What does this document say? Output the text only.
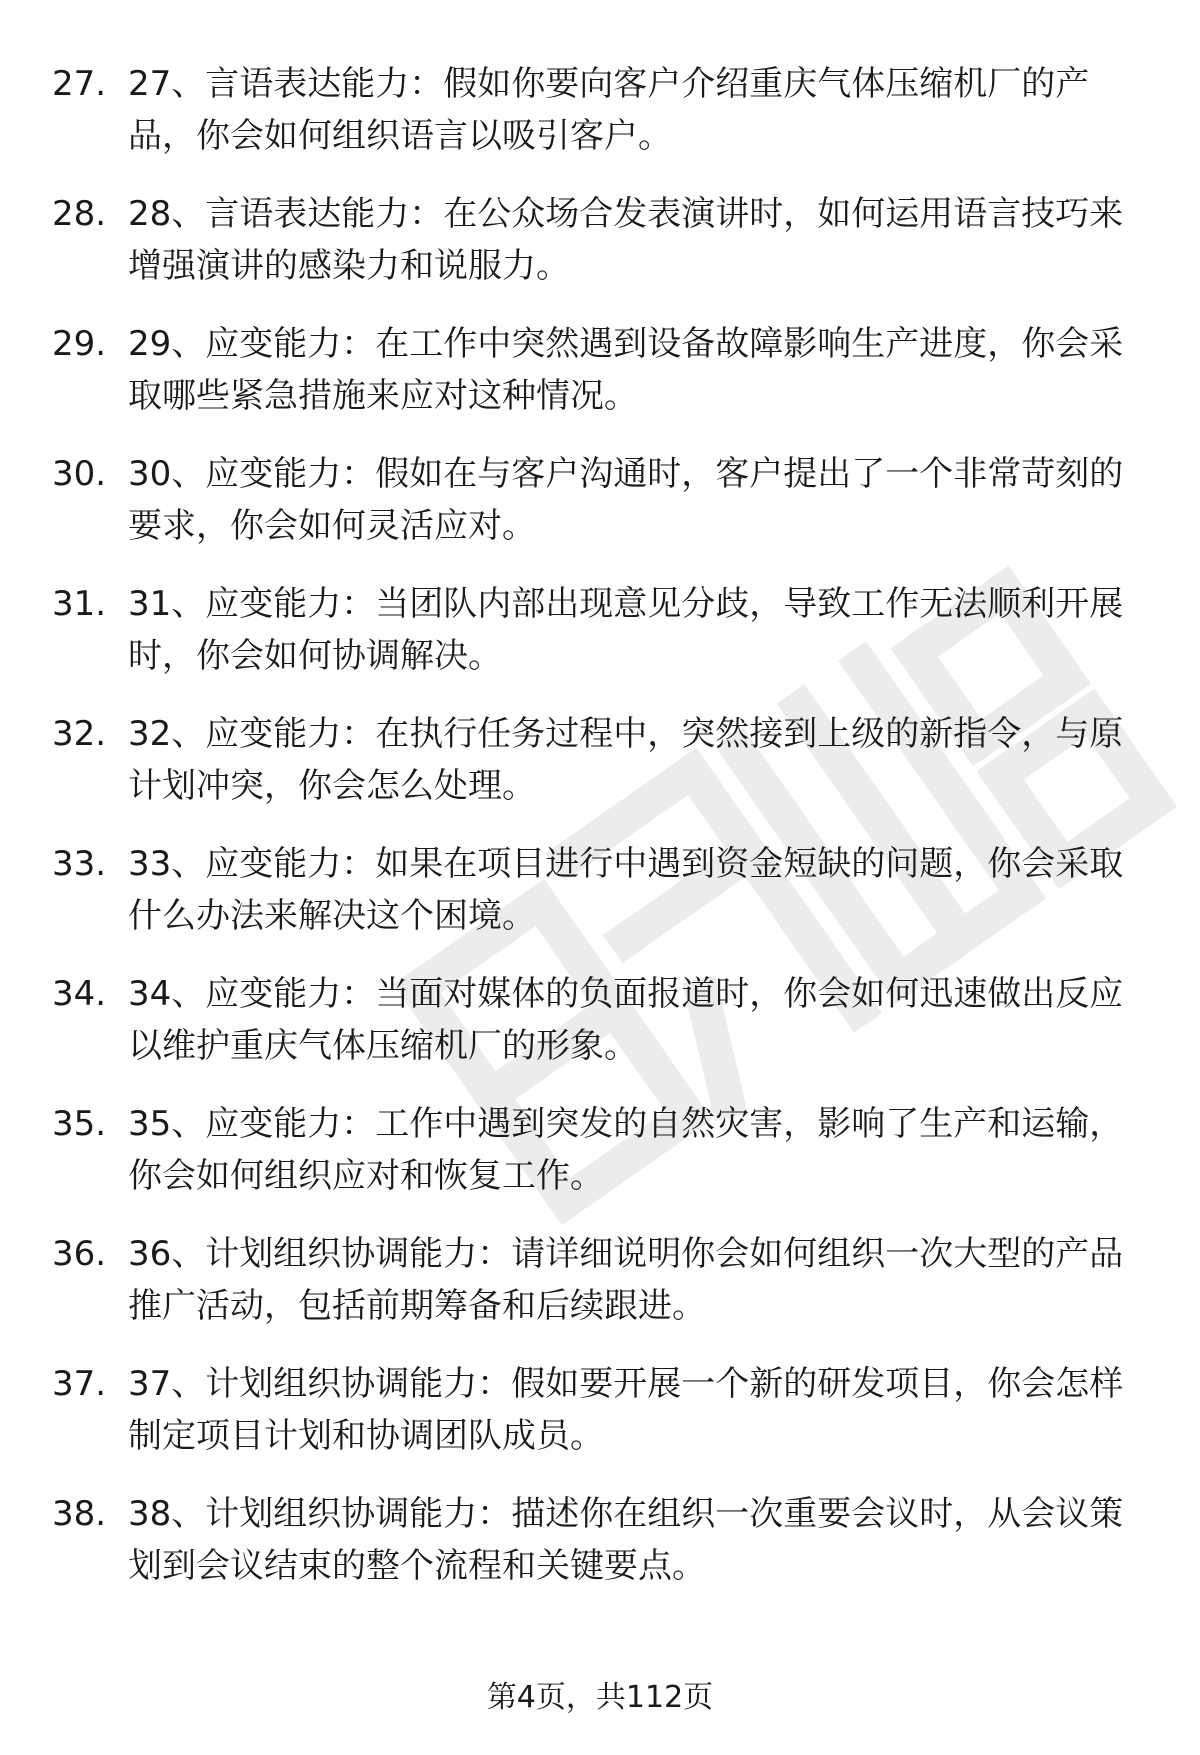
27. 27、言语表达能力：假如你要向客户介绍重庆气体压缩机厂的产品，你会如何组织语言以吸引客户。
28. 28、言语表达能力：在公众场合发表演讲时，如何运用语言技巧来增强演讲的感染力和说服力。
29. 29、应变能力：在工作中突然遇到设备故障影响生产进度，你会采取哪些紧急措施来应对这种情况。
30. 30、应变能力：假如在与客户沟通时，客户提出了一个非常苛刻的要求，你会如何灵活应对。
31. 31、应变能力：当团队内部出现意见分歧，导致工作无法顺利开展时，你会如何协调解决。
32. 32、应变能力：在执行任务过程中，突然接到上级的新指令，与原计划冲突，你会怎么处理。
33. 33、应变能力：如果在项目进行中遇到资金短缺的问题，你会采取什么办法来解决这个困境。
34. 34、应变能力：当面对媒体的负面报道时，你会如何迅速做出反应以维护重庆气体压缩机厂的形象。
35. 35、应变能力：工作中遇到突发的自然灾害，影响了生产和运输，你会如何组织应对和恢复工作。
36. 36、计划组织协调能力：请详细说明你会如何组织一次大型的产品推广活动，包括前期筹备和后续跟进。
37. 37、计划组织协调能力：假如要开展一个新的研发项目，你会怎样制定项目计划和协调团队成员。
38. 38、计划组织协调能力：描述你在组织一次重要会议时，从会议策划到会议结束的整个流程和关键要点。
第4页，共112页
